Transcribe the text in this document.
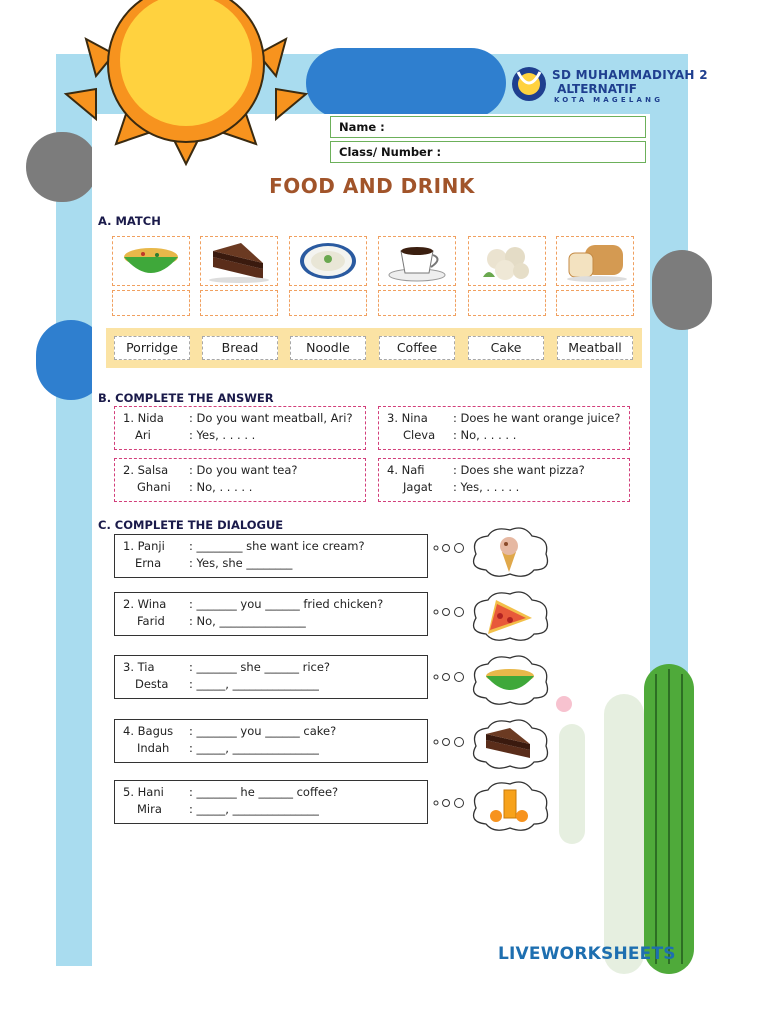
SD MUHAMMADIYAH 2
ALTERNATIF
KOTA MAGELANG
Name :
Class/ Number :
FOOD AND DRINK
A. MATCH
Porridge	Bread	Noodle	Coffee	Cake	Meatball
B. COMPLETE THE ANSWER
1. Nida : Do you want meatball, Ari?
Ari	: Yes, . . . . .
3. Nina : Does he want orange juice?
Cleva : No, . . . . .
2. Salsa : Do you want tea?
Ghani : No, . . . . .
4. Nafi : Does she want pizza?
Jagat : Yes, . . . . .
C. COMPLETE THE DIALOGUE
1. Panji : ________ she want ice cream?
Erna : Yes, she ________
2. Wina : _______ you ______ fried chicken?
Farid : No, _______________
3. Tia	: _______ she ______ rice?
Desta : _____, _______________
4. Bagus : _______ you ______ cake?
Indah : _____, _______________
5. Hani : _______ he ______ coffee?
Mira : _____, _______________
LIVEWORKSHEETS
